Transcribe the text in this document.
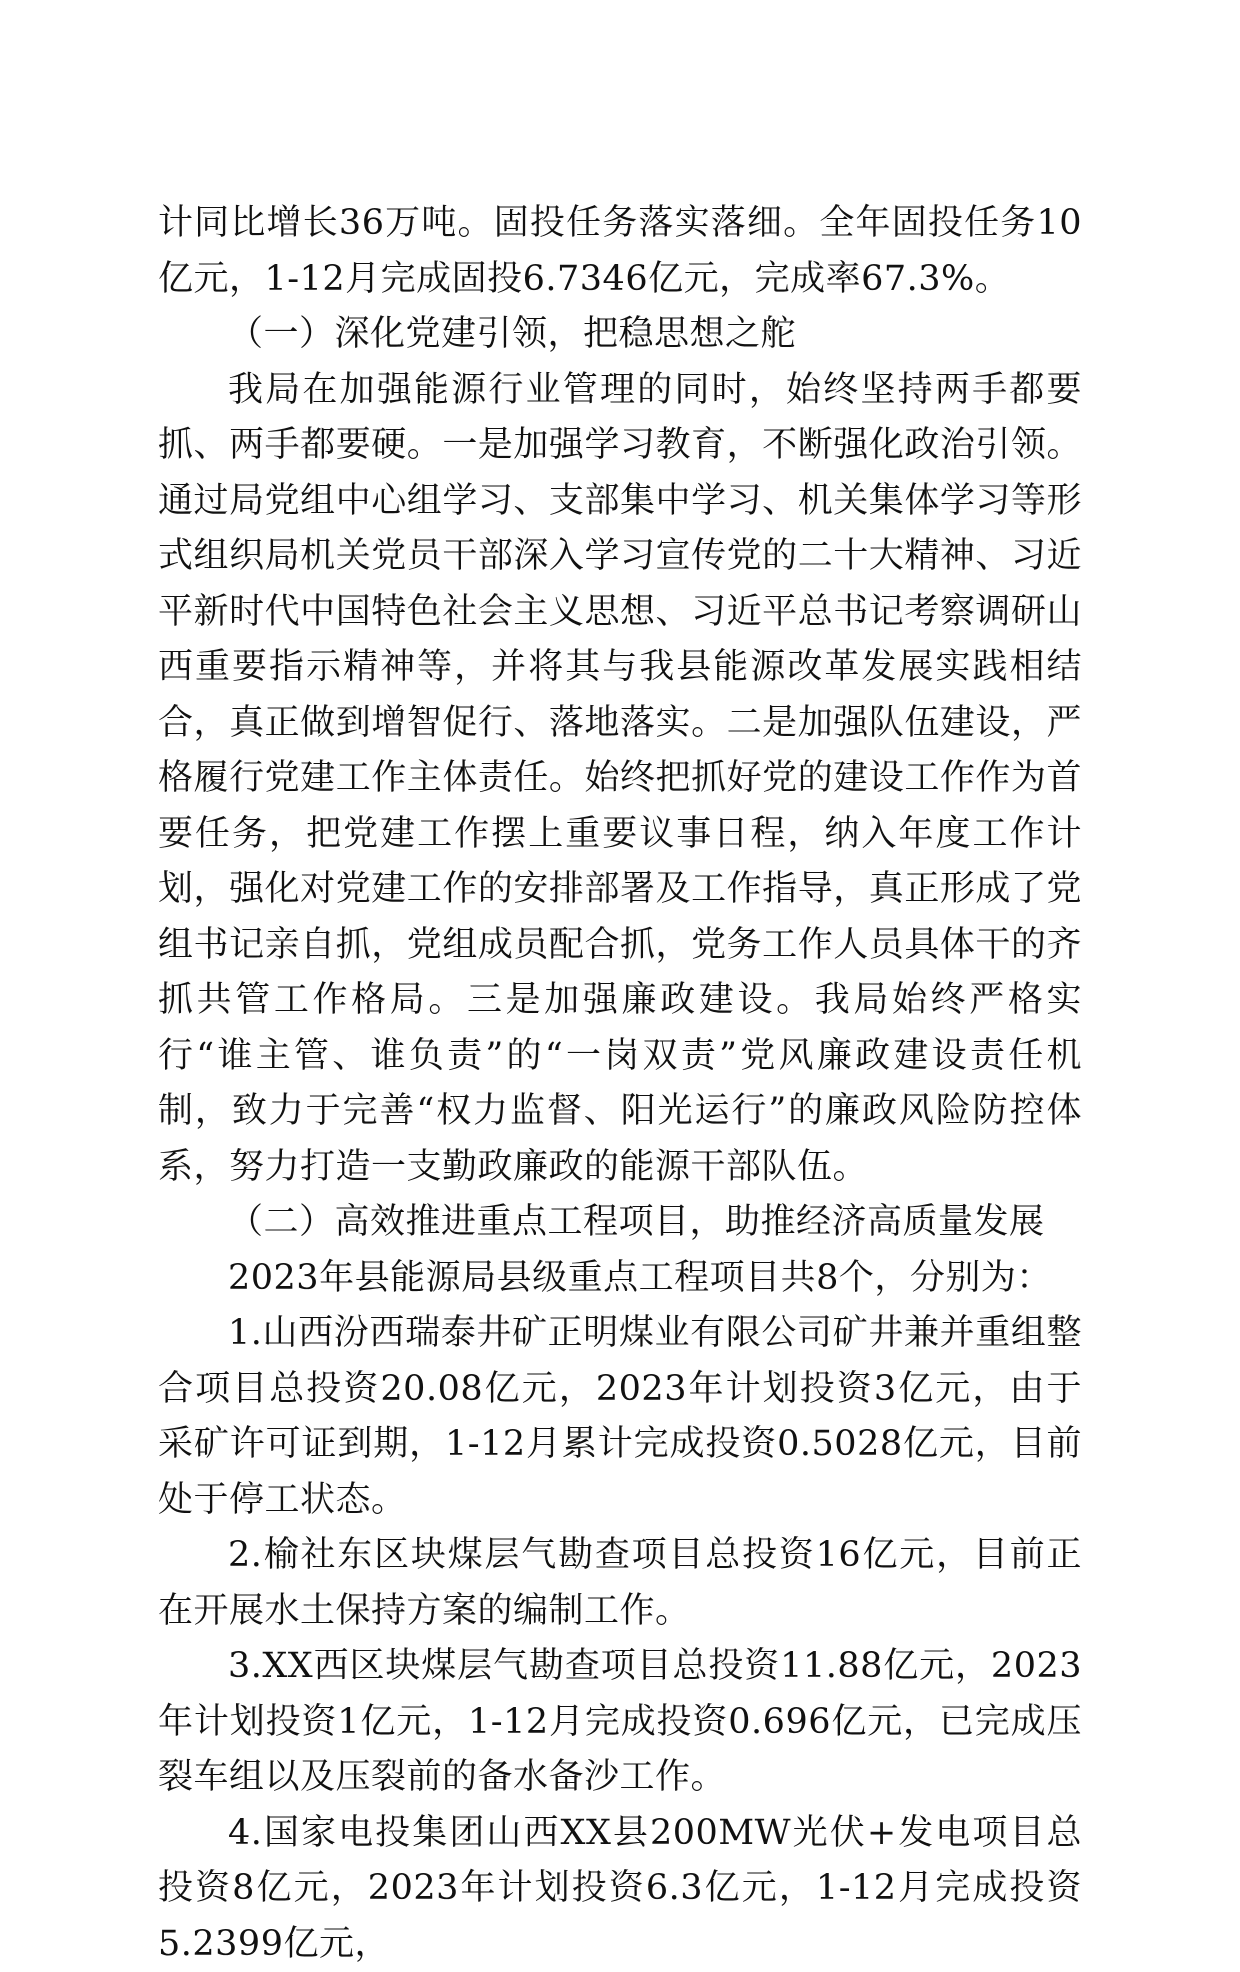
计同比增长36万吨。固投任务落实落细。全年固投任务10亿元，1-12月完成固投6.7346亿元，完成率67.3%。

（一）深化党建引领，把稳思想之舵

我局在加强能源行业管理的同时，始终坚持两手都要抓、两手都要硬。一是加强学习教育，不断强化政治引领。通过局党组中心组学习、支部集中学习、机关集体学习等形式组织局机关党员干部深入学习宣传党的二十大精神、习近平新时代中国特色社会主义思想、习近平总书记考察调研山西重要指示精神等，并将其与我县能源改革发展实践相结合，真正做到增智促行、落地落实。二是加强队伍建设，严格履行党建工作主体责任。始终把抓好党的建设工作作为首要任务，把党建工作摆上重要议事日程，纳入年度工作计划，强化对党建工作的安排部署及工作指导，真正形成了党组书记亲自抓，党组成员配合抓，党务工作人员具体干的齐抓共管工作格局。三是加强廉政建设。我局始终严格实行“谁主管、谁负责”的“一岗双责”党风廉政建设责任机制，致力于完善“权力监督、阳光运行”的廉政风险防控体系，努力打造一支勤政廉政的能源干部队伍。

（二）高效推进重点工程项目，助推经济高质量发展

2023年县能源局县级重点工程项目共8个，分别为：

1.山西汾西瑞泰井矿正明煤业有限公司矿井兼并重组整合项目总投资20.08亿元，2023年计划投资3亿元，由于采矿许可证到期，1-12月累计完成投资0.5028亿元，目前处于停工状态。

2.榆社东区块煤层气勘查项目总投资16亿元，目前正在开展水土保持方案的编制工作。

3.XX西区块煤层气勘查项目总投资11.88亿元，2023年计划投资1亿元，1-12月完成投资0.696亿元，已完成压裂车组以及压裂前的备水备沙工作。

4.国家电投集团山西XX县200MW光伏+发电项目总投资8亿元，2023年计划投资6.3亿元，1-12月完成投资5.2399亿元，
